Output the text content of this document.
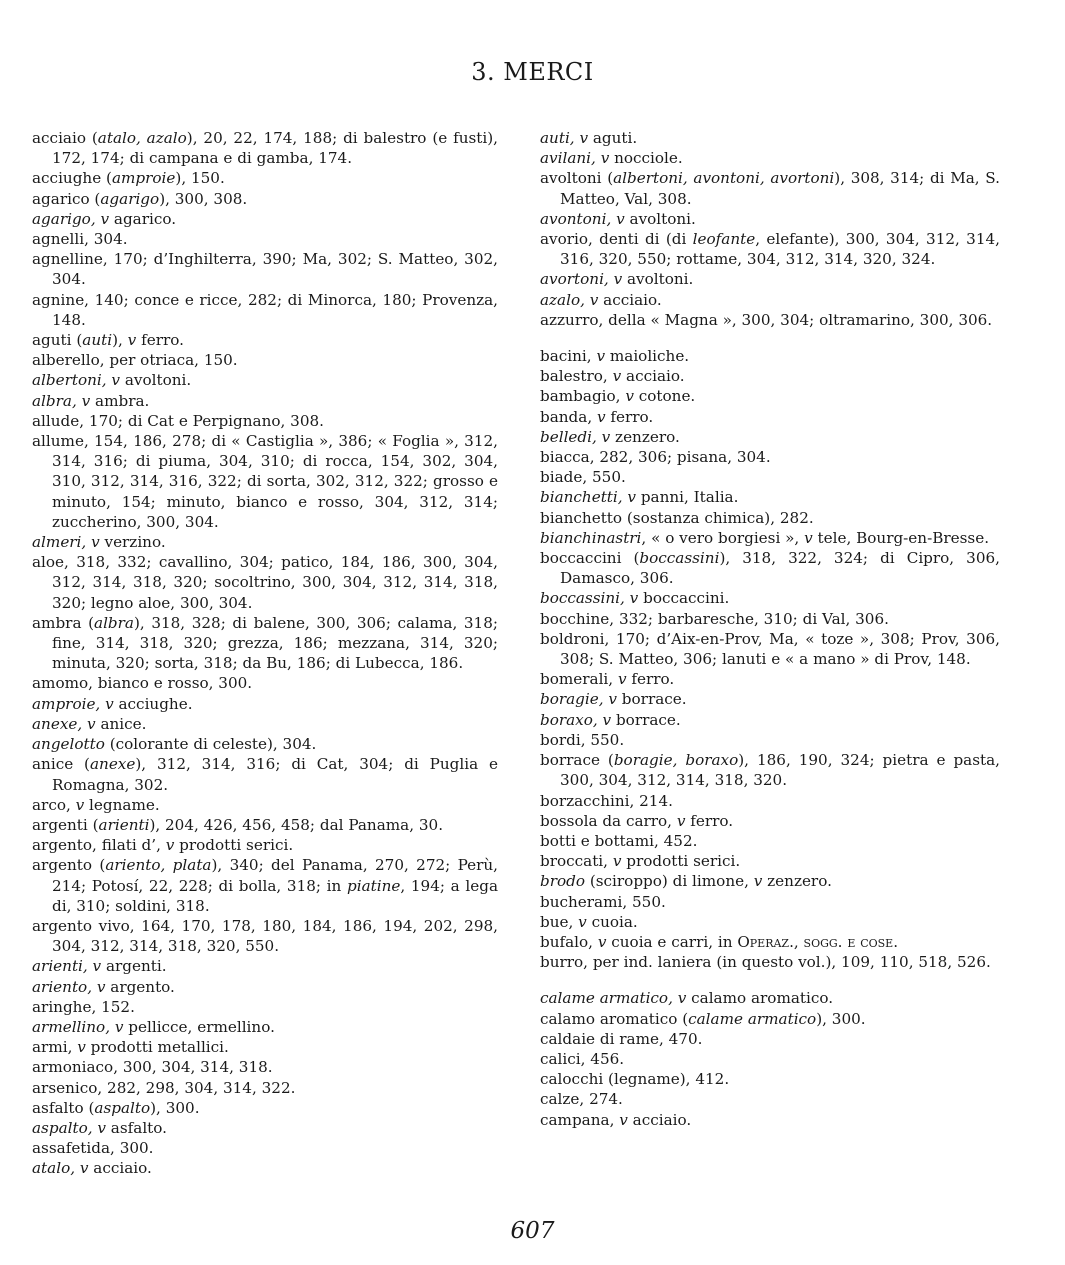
3. MERCI
acciaio (atalo, azalo), 20, 22, 174, 188; di balestro (e fusti), 172, 174; di campana e di gamba, 174.
acciughe (amproie), 150.
agarico (agarigo), 300, 308.
agarigo, v agarico.
agnelli, 304.
agnelline, 170; d’Inghilterra, 390; Ma, 302; S. Matteo, 302, 304.
agnine, 140; conce e ricce, 282; di Minorca, 180; Provenza, 148.
aguti (auti), v ferro.
alberello, per otriaca, 150.
albertoni, v avoltoni.
albra, v ambra.
allude, 170; di Cat e Perpignano, 308.
allume, 154, 186, 278; di « Castiglia », 386; « Foglia », 312, 314, 316; di piuma, 304, 310; di rocca, 154, 302, 304, 310, 312, 314, 316, 322; di sorta, 302, 312, 322; grosso e minuto, 154; minuto, bianco e rosso, 304, 312, 314; zuccherino, 300, 304.
almeri, v verzino.
aloe, 318, 332; cavallino, 304; patico, 184, 186, 300, 304, 312, 314, 318, 320; socoltrino, 300, 304, 312, 314, 318, 320; legno aloe, 300, 304.
ambra (albra), 318, 328; di balene, 300, 306; calama, 318; fine, 314, 318, 320; grezza, 186; mezzana, 314, 320; minuta, 320; sorta, 318; da Bu, 186; di Lubecca, 186.
amomo, bianco e rosso, 300.
amproie, v acciughe.
anexe, v anice.
angelotto (colorante di celeste), 304.
anice (anexe), 312, 314, 316; di Cat, 304; di Puglia e Romagna, 302.
arco, v legname.
argenti (arienti), 204, 426, 456, 458; dal Panama, 30.
argento, filati d’, v prodotti serici.
argento (ariento, plata), 340; del Panama, 270, 272; Perù, 214; Potosí, 22, 228; di bolla, 318; in piatine, 194; a lega di, 310; soldini, 318.
argento vivo, 164, 170, 178, 180, 184, 186, 194, 202, 298, 304, 312, 314, 318, 320, 550.
arienti, v argenti.
ariento, v argento.
aringhe, 152.
armellino, v pellicce, ermellino.
armi, v prodotti metallici.
armoniaco, 300, 304, 314, 318.
arsenico, 282, 298, 304, 314, 322.
asfalto (aspalto), 300.
aspalto, v asfalto.
assafetida, 300.
atalo, v acciaio.
auti, v aguti.
avilani, v nocciole.
avoltoni (albertoni, avontoni, avortoni), 308, 314; di Ma, S. Matteo, Val, 308.
avontoni, v avoltoni.
avorio, denti di (di leofante, elefante), 300, 304, 312, 314, 316, 320, 550; rottame, 304, 312, 314, 320, 324.
avortoni, v avoltoni.
azalo, v acciaio.
azzurro, della « Magna », 300, 304; oltramarino, 300, 306.
bacini, v maioliche.
balestro, v acciaio.
bambagio, v cotone.
banda, v ferro.
belledi, v zenzero.
biacca, 282, 306; pisana, 304.
biade, 550.
bianchetti, v panni, Italia.
bianchetto (sostanza chimica), 282.
bianchinastri, « o vero borgiesi », v tele, Bourg-en-Bresse.
boccaccini (boccassini), 318, 322, 324; di Cipro, 306, Damasco, 306.
boccassini, v boccaccini.
bocchine, 332; barbaresche, 310; di Val, 306.
boldroni, 170; d’Aix-en-Prov, Ma, « toze », 308; Prov, 306, 308; S. Matteo, 306; lanuti e « a mano » di Prov, 148.
bomerali, v ferro.
boragie, v borrace.
boraxo, v borrace.
bordi, 550.
borrace (boragie, boraxo), 186, 190, 324; pietra e pasta, 300, 304, 312, 314, 318, 320.
borzacchini, 214.
bossola da carro, v ferro.
botti e bottami, 452.
broccati, v prodotti serici.
brodo (sciroppo) di limone, v zenzero.
bucherami, 550.
bue, v cuoia.
bufalo, v cuoia e carri, in Operaz., sogg. e cose.
burro, per ind. laniera (in questo vol.), 109, 110, 518, 526.
calame armatico, v calamo aromatico.
calamo aromatico (calame armatico), 300.
caldaie di rame, 470.
calici, 456.
calocchi (legname), 412.
calze, 274.
campana, v acciaio.
607
